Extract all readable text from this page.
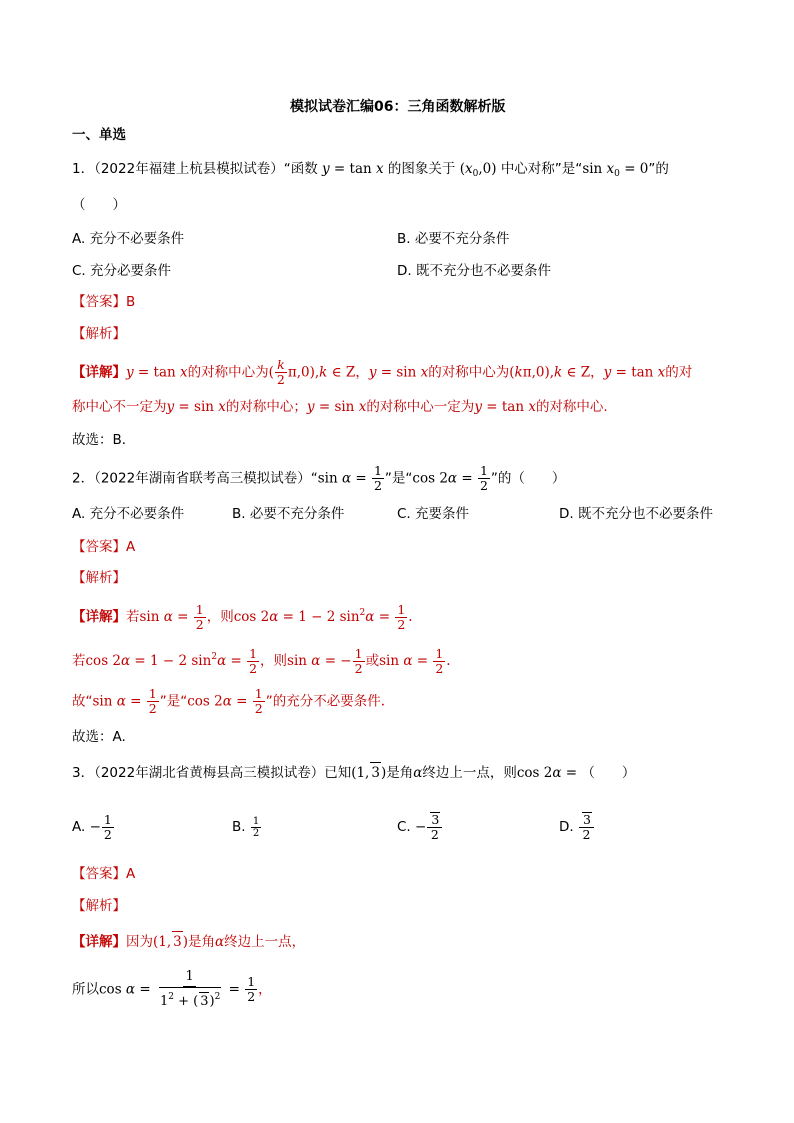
模拟试卷汇编06：三角函数解析版
一、单选
1．（2022年福建上杭县模拟试卷）“函数 y = tan x 的图象关于 $(x_0,0)$ 中心对称”是“sin $x_0 = 0$”的
（　　）
A. 充分不必要条件	B. 必要不充分条件
C. 充分必要条件	D. 既不充分也不必要条件
【答案】B
【解析】
【详解】y = tan x的对称中心为( $\frac{k}{2} \pi,0),k$ ∈ Z，y = sin x的对称中心为(kπ,0),k ∈ Z，y = tan x的对
称中心不一定为y = sin x的对称中心；y = sin x的对称中心一定为y = tan x的对称中心.
故选：B．
2．（2022年湖南省联考高三模拟试卷）“sin $\alpha = \frac{1}{2}$ ”是“cos $2\alpha = \frac{1}{2}$ ”的（　　）
A. 充分不必要条件	B. 必要不充分条件	C. 充要条件	D. 既不充分也不必要条件
【答案】A
【解析】
【详解】若$\sin \alpha = \frac{1}{2}$ ，则cos 2α = 1 − 2 $\sin^2\alpha = \frac{1}{2}$ .
若cos 2α = 1 − 2 $\sin^2\alpha = \frac{1}{2}$ ，则sin α = − $\frac{1}{2}$ 或$\sin \alpha = \frac{1}{2}$ .
故“sin $\alpha = \frac{1}{2}$ ”是“cos $2\alpha = \frac{1}{2}$ ”的充分不必要条件.
故选：A.
3．（2022年湖北省黄梅县高三模拟试卷）已知(1, 3)是角α终边上一点，则cos 2α = （　　）
A. − $\frac{1}{2}$	B. $\frac{1}{2}$	C. − $\frac{3}{2}$	D. $\frac{3}{2}$
【答案】A
【解析】
【详解】因为(1, 3)是角α终边上一点，
所以$\cos \alpha = \frac{1}{1^2 + ( 3)^2} = \frac{1}{2}$ ，
